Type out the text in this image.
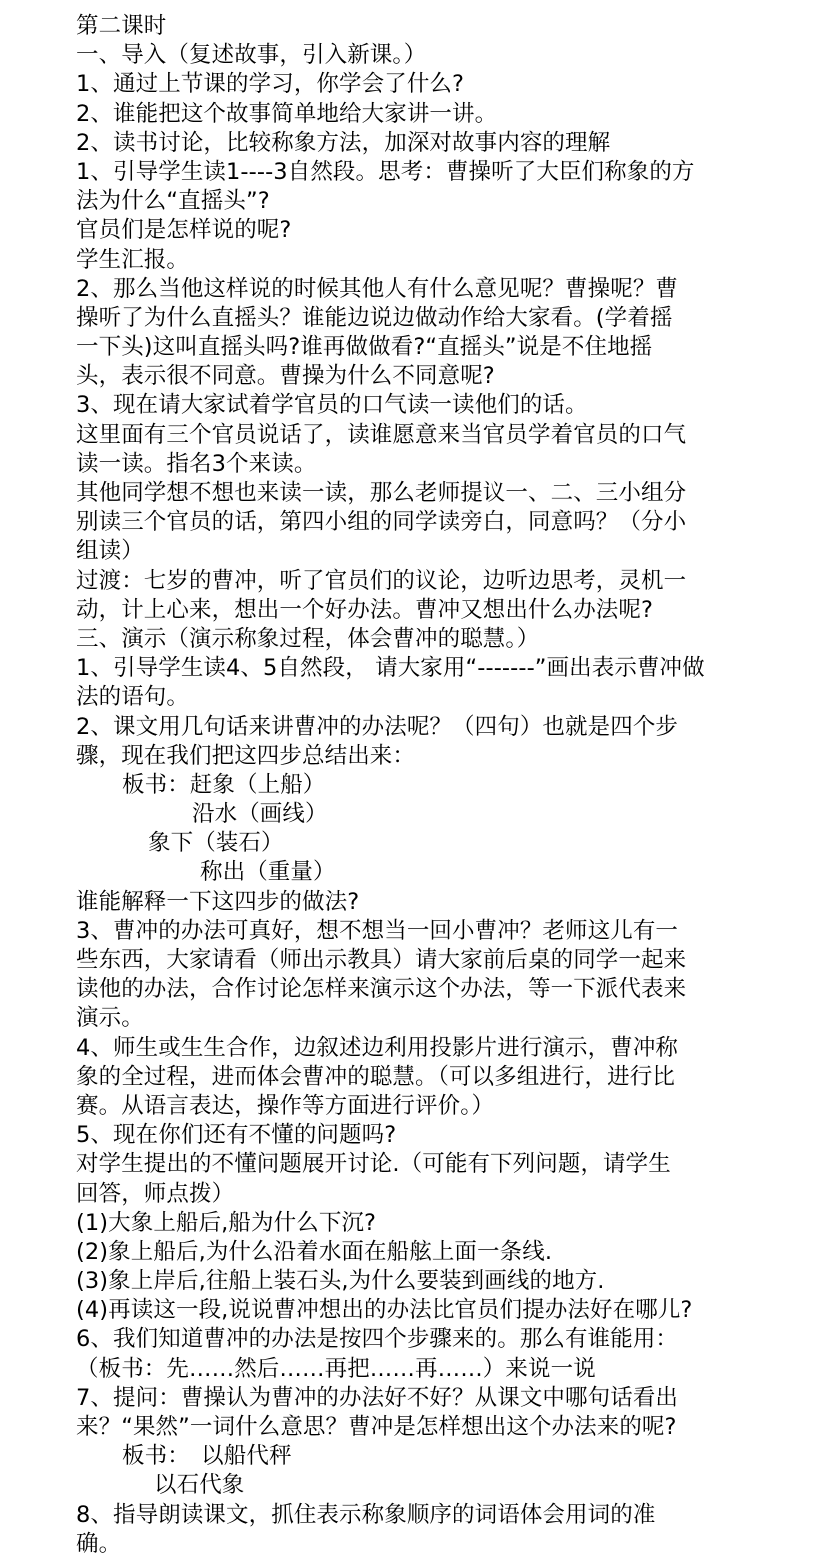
第二课时
一、导入（复述故事，引入新课。）
1、通过上节课的学习，你学会了什么?
2、谁能把这个故事简单地给大家讲一讲。
2、读书讨论，比较称象方法，加深对故事内容的理解
1、引导学生读1----3自然段。思考：曹操听了大臣们称象的方
法为什么“直摇头”?
官员们是怎样说的呢?
学生汇报。
2、那么当他这样说的时候其他人有什么意见呢？曹操呢？曹
操听了为什么直摇头？谁能边说边做动作给大家看。(学着摇
一下头)这叫直摇头吗?谁再做做看?“直摇头”说是不住地摇
头，表示很不同意。曹操为什么不同意呢?
3、现在请大家试着学官员的口气读一读他们的话。
这里面有三个官员说话了，读谁愿意来当官员学着官员的口气
读一读。指名3个来读。
其他同学想不想也来读一读，那么老师提议一、二、三小组分
别读三个官员的话，第四小组的同学读旁白，同意吗？（分小
组读）
过渡：七岁的曹冲，听了官员们的议论，边听边思考，灵机一
动，计上心来，想出一个好办法。曹冲又想出什么办法呢?
三、演示（演示称象过程，体会曹冲的聪慧。）
1、引导学生读4、5自然段， 请大家用“-------”画出表示曹冲做
法的语句。
2、课文用几句话来讲曹冲的办法呢？（四句）也就是四个步
骤，现在我们把这四步总结出来：
板书：赶象（上船）
沿水（画线）
象下（装石）
称出（重量）
谁能解释一下这四步的做法?
3、曹冲的办法可真好，想不想当一回小曹冲？老师这儿有一
些东西，大家请看（师出示教具）请大家前后桌的同学一起来
读他的办法，合作讨论怎样来演示这个办法，等一下派代表来
演示。
4、师生或生生合作，边叙述边利用投影片进行演示，曹冲称
象的全过程，进而体会曹冲的聪慧。（可以多组进行，进行比
赛。从语言表达，操作等方面进行评价。）
5、现在你们还有不懂的问题吗?
对学生提出的不懂问题展开讨论.（可能有下列问题，请学生
回答，师点拨）
(1)大象上船后,船为什么下沉?
(2)象上船后,为什么沿着水面在船舷上面一条线.
(3)象上岸后,往船上装石头,为什么要装到画线的地方.
(4)再读这一段,说说曹冲想出的办法比官员们提办法好在哪儿?
6、我们知道曹冲的办法是按四个步骤来的。那么有谁能用：
（板书：先……然后……再把……再……）来说一说
7、提问：曹操认为曹冲的办法好不好？从课文中哪句话看出
来？“果然”一词什么意思？曹冲是怎样想出这个办法来的呢?
板书：　以船代秤
以石代象
8、指导朗读课文，抓住表示称象顺序的词语体会用词的准
确。
